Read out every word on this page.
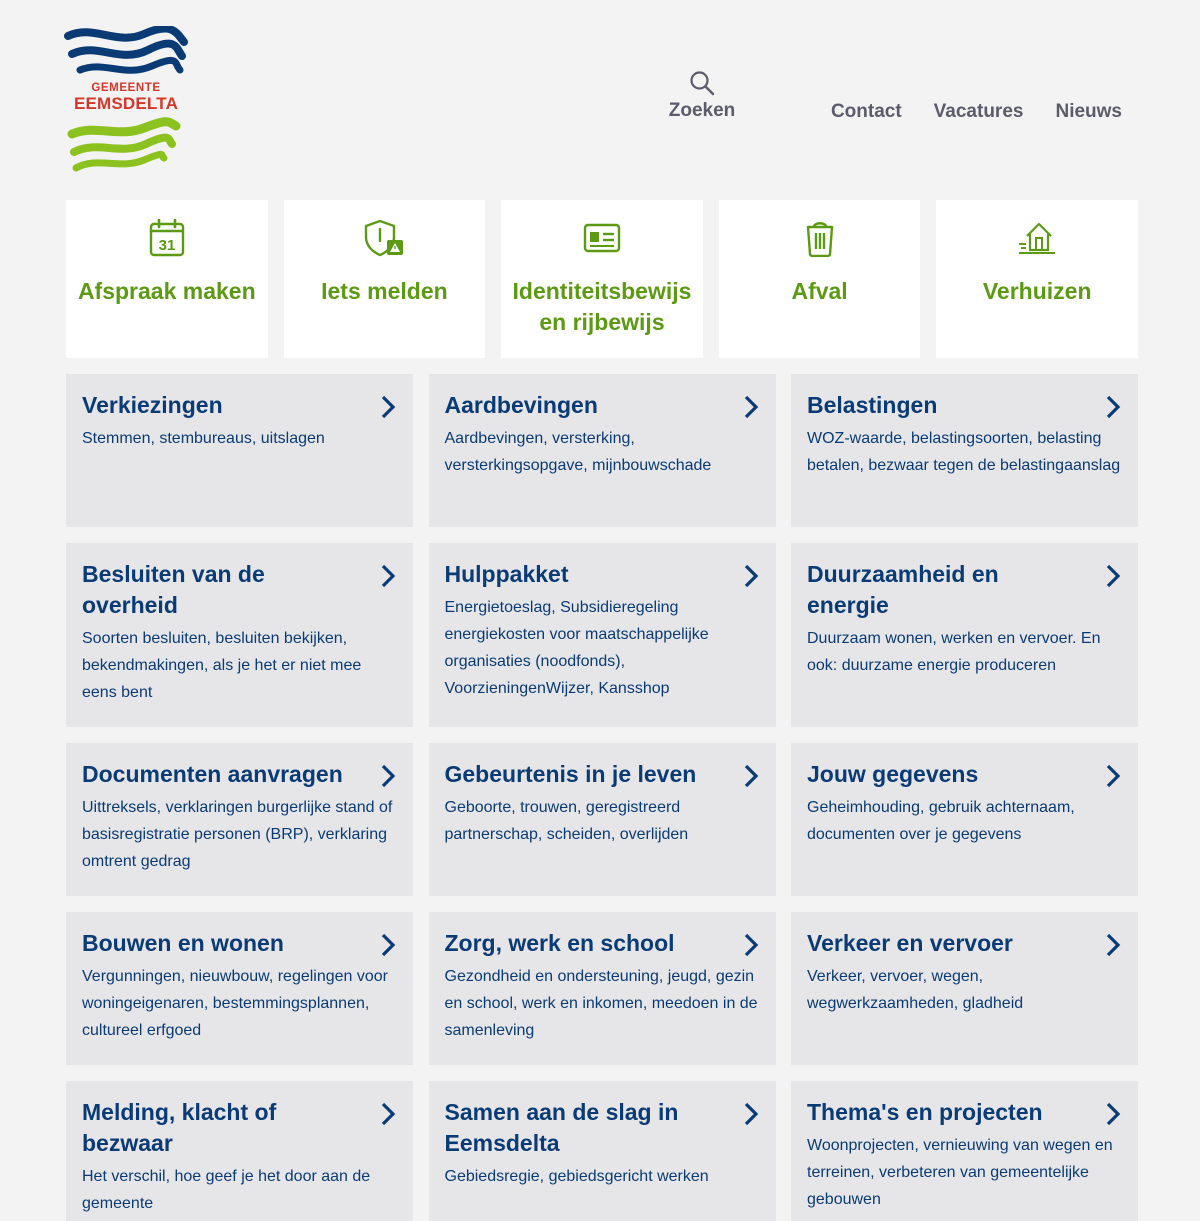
GEMEENTE
EEMSDELTA	Zoeken	Contact Vacatures Nieuws
31
Afspraak maken	Iets melden	Identiteitsbewijs en rijbewijs
Afval	Verhuizen
Verkiezingen
Stemmen, stembureaus, uitslagen
Aardbevingen
Aardbevingen, versterking, versterkingsopgave, mijnbouwschade
Belastingen
WOZ-waarde, belastingsoorten, belasting betalen, bezwaar tegen de belastingaanslag
Besluiten van de overheid
Soorten besluiten, besluiten bekijken, bekendmakingen, als je het er niet mee eens bent
Hulppakket
Energietoeslag, Subsidieregeling energiekosten voor maatschappelijke organisaties (noodfonds), VoorzieningenWijzer, Kansshop
Duurzaamheid en energie
Duurzaam wonen, werken en vervoer. En ook: duurzame energie produceren
Documenten aanvragen
Uittreksels, verklaringen burgerlijke stand of basisregistratie personen (BRP), verklaring omtrent gedrag
Gebeurtenis in je leven
Geboorte, trouwen, geregistreerd partnerschap, scheiden, overlijden
Jouw gegevens
Geheimhouding, gebruik achternaam, documenten over je gegevens
Bouwen en wonen
Vergunningen, nieuwbouw, regelingen voor woningeigenaren, bestemmingsplannen, cultureel erfgoed
Zorg, werk en school
Gezondheid en ondersteuning, jeugd, gezin en school, werk en inkomen, meedoen in de samenleving
Verkeer en vervoer
Verkeer, vervoer, wegen, wegwerkzaamheden, gladheid
Melding, klacht of bezwaar
Het verschil, hoe geef je het door aan de gemeente
Samen aan de slag in Eemsdelta
Gebiedsregie, gebiedsgericht werken
Thema's en projecten
Woonprojecten, vernieuwing van wegen en terreinen, verbeteren van gemeentelijke gebouwen
